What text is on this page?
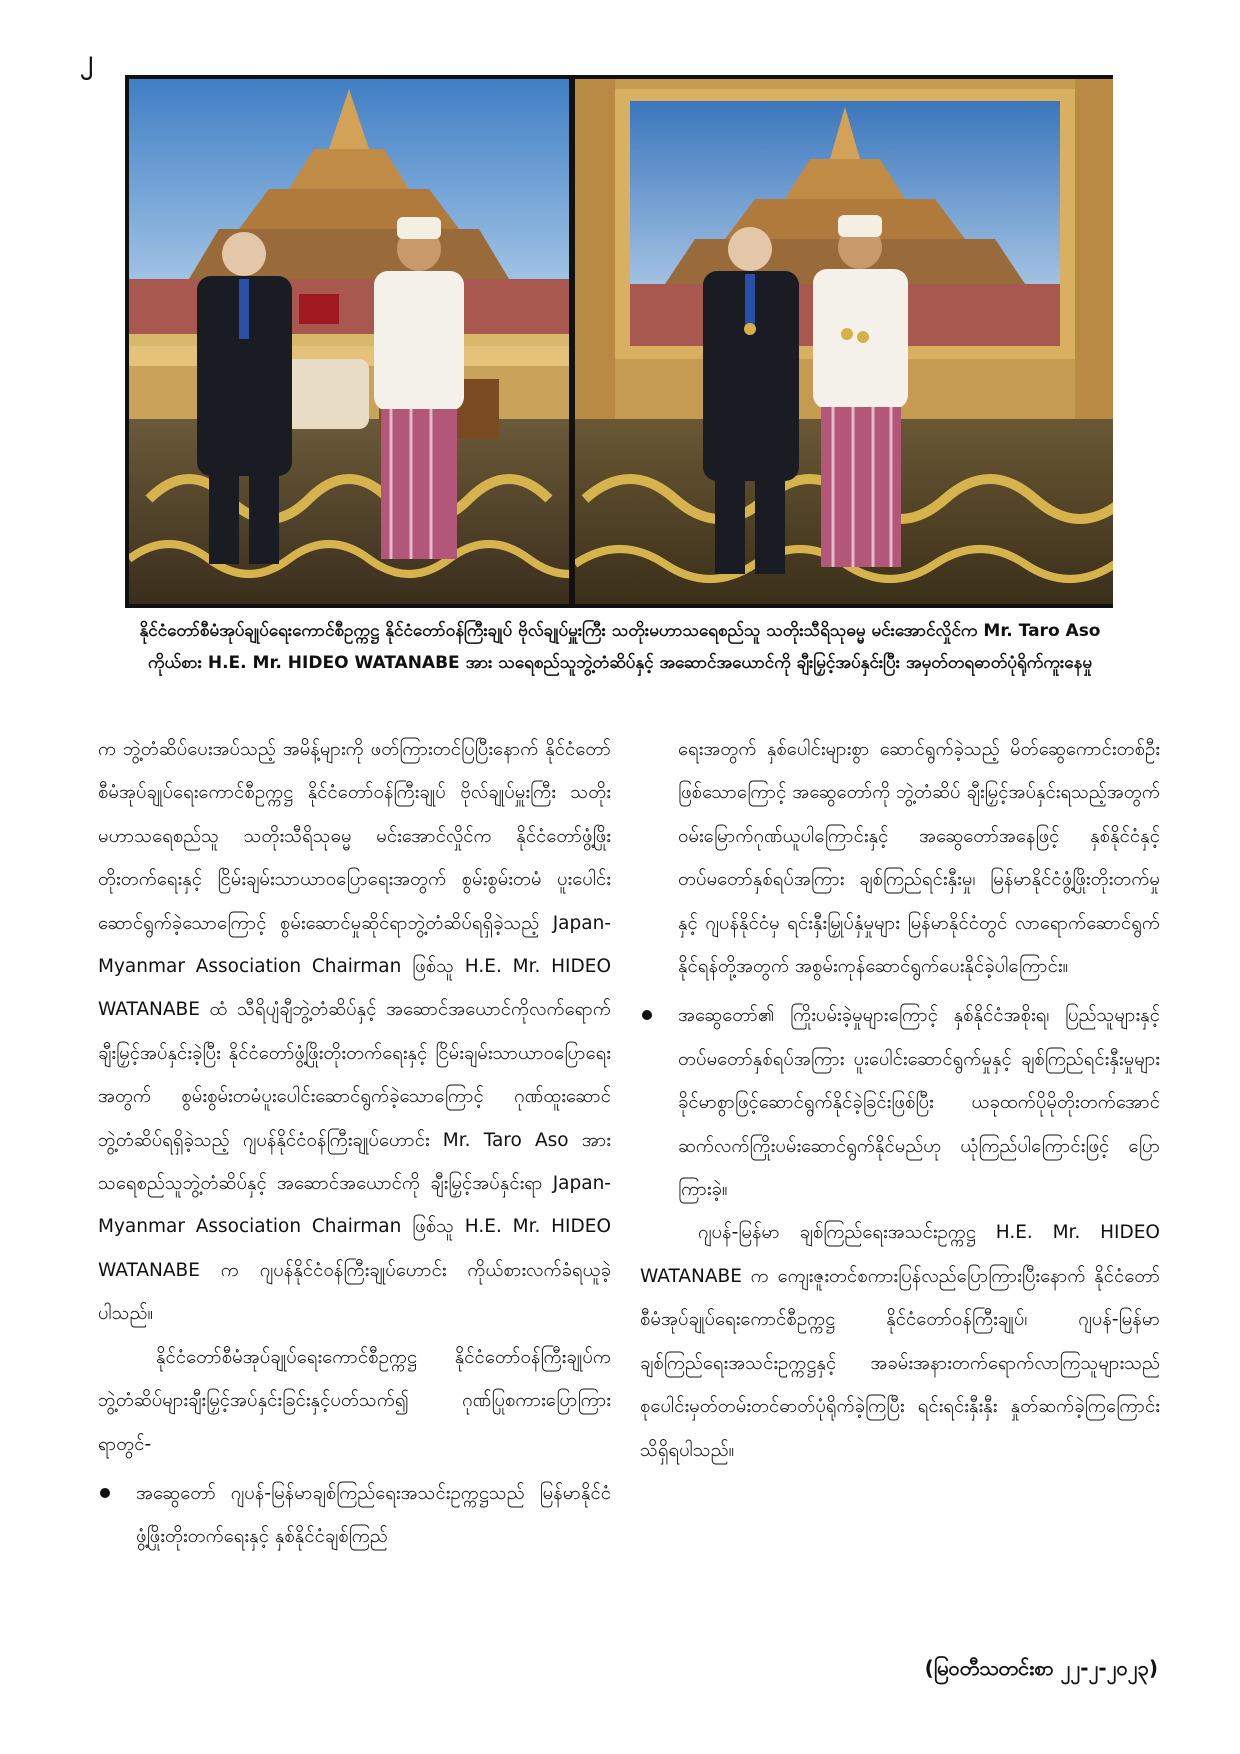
၂
နိုင်ငံတော်စီမံအုပ်ချုပ်ရေးကောင်စီဥက္ကဋ္ဌ နိုင်ငံတော်ဝန်ကြီးချုပ် ဗိုလ်ချုပ်မှူးကြီး သတိုးမဟာသရေစည်သူ သတိုးသီရိသုဓမ္မ မင်းအောင်လှိုင်က Mr. Taro Aso ကိုယ်စား H.E. Mr. HIDEO WATANABE အား သရေစည်သူဘွဲ့တံဆိပ်နှင့် အဆောင်အယောင်ကို ချီးမြှင့်အပ်နှင်းပြီး အမှတ်တရဓာတ်ပုံရိုက်ကူးနေမှု

က ဘွဲ့တံဆိပ်ပေးအပ်သည့် အမိန့်များကို ဖတ်ကြားတင်ပြပြီးနောက် နိုင်ငံတော်စီမံအုပ်ချုပ်ရေးကောင်စီဥက္ကဋ္ဌ နိုင်ငံတော်ဝန်ကြီးချုပ် ဗိုလ်ချုပ်မှူးကြီး သတိုးမဟာသရေစည်သူ သတိုးသီရိသုဓမ္မ မင်းအောင်လှိုင်က နိုင်ငံတော်ဖွံ့ဖြိုးတိုးတက်ရေးနှင့် ငြိမ်းချမ်းသာယာဝပြောရေးအတွက် စွမ်းစွမ်းတမံ ပူးပေါင်းဆောင်ရွက်ခဲ့သောကြောင့် စွမ်းဆောင်မှုဆိုင်ရာဘွဲ့တံဆိပ်ရရှိခဲ့သည့် Japan-Myanmar Association Chairman ဖြစ်သူ H.E. Mr. HIDEO WATANABE ထံ သီရိပျံချီဘွဲ့တံဆိပ်နှင့် အဆောင်အယောင်ကိုလက်ရောက်ချီးမြှင့်အပ်နှင်းခဲ့ပြီး နိုင်ငံတော်ဖွံ့ဖြိုးတိုးတက်ရေးနှင့် ငြိမ်းချမ်းသာယာဝပြောရေးအတွက် စွမ်းစွမ်းတမံပူးပေါင်းဆောင်ရွက်ခဲ့သောကြောင့် ဂုဏ်ထူးဆောင်ဘွဲ့တံဆိပ်ရရှိခဲ့သည့် ဂျပန်နိုင်ငံဝန်ကြီးချုပ်ဟောင်း Mr. Taro Aso အား သရေစည်သူဘွဲ့တံဆိပ်နှင့် အဆောင်အယောင်ကို ချီးမြှင့်အပ်နှင်းရာ Japan-Myanmar Association Chairman ဖြစ်သူ H.E. Mr. HIDEO WATANABE က ဂျပန်နိုင်ငံဝန်ကြီးချုပ်ဟောင်း ကိုယ်စားလက်ခံရယူခဲ့ပါသည်။

နိုင်ငံတော်စီမံအုပ်ချုပ်ရေးကောင်စီဥက္ကဋ္ဌ နိုင်ငံတော်ဝန်ကြီးချုပ်က ဘွဲ့တံဆိပ်များချီးမြှင့်အပ်နှင်းခြင်းနှင့်ပတ်သက်၍ ဂုဏ်ပြုစကားပြောကြားရာတွင်-

အဆွေတော် ဂျပန်-မြန်မာချစ်ကြည်ရေးအသင်းဥက္ကဋ္ဌသည် မြန်မာနိုင်ငံဖွံ့ဖြိုးတိုးတက်ရေးနှင့် နှစ်နိုင်ငံချစ်ကြည်

ရေးအတွက် နှစ်ပေါင်းများစွာ ဆောင်ရွက်ခဲ့သည့် မိတ်ဆွေကောင်းတစ်ဦးဖြစ်သောကြောင့် အဆွေတော်ကို ဘွဲ့တံဆိပ် ချီးမြှင့်အပ်နှင်းရသည့်အတွက် ဝမ်းမြောက်ဂုဏ်ယူပါကြောင်းနှင့် အဆွေတော်အနေဖြင့် နှစ်နိုင်ငံနှင့် တပ်မတော်နှစ်ရပ်အကြား ချစ်ကြည်ရင်းနှီးမှု၊ မြန်မာနိုင်ငံဖွံ့ဖြိုးတိုးတက်မှုနှင့် ဂျပန်နိုင်ငံမှ ရင်းနှီးမြှုပ်နှံမှုများ မြန်မာနိုင်ငံတွင် လာရောက်ဆောင်ရွက်နိုင်ရန်တို့အတွက် အစွမ်းကုန်ဆောင်ရွက်ပေးနိုင်ခဲ့ပါကြောင်း။

အဆွေတော်၏ ကြိုးပမ်းခဲ့မှုများကြောင့် နှစ်နိုင်ငံအစိုးရ၊ ပြည်သူများနှင့် တပ်မတော်နှစ်ရပ်အကြား ပူးပေါင်းဆောင်ရွက်မှုနှင့် ချစ်ကြည်ရင်းနှီးမှုများ ခိုင်မာစွာဖြင့်ဆောင်ရွက်နိုင်ခဲ့ခြင်းဖြစ်ပြီး ယခုထက်ပိုမိုတိုးတက်အောင် ဆက်လက်ကြိုးပမ်းဆောင်ရွက်နိုင်မည်ဟု ယုံကြည်ပါကြောင်းဖြင့် ပြောကြားခဲ့။

ဂျပန်-မြန်မာ ချစ်ကြည်ရေးအသင်းဥက္ကဋ္ဌ H.E. Mr. HIDEO WATANABE က ကျေးဇူးတင်စကားပြန်လည်ပြောကြားပြီးနောက် နိုင်ငံတော်စီမံအုပ်ချုပ်ရေးကောင်စီဥက္ကဋ္ဌ နိုင်ငံတော်ဝန်ကြီးချုပ်၊ ဂျပန်-မြန်မာ ချစ်ကြည်ရေးအသင်းဥက္ကဋ္ဌနှင့် အခမ်းအနားတက်ရောက်လာကြသူများသည် စုပေါင်းမှတ်တမ်းတင်ဓာတ်ပုံရိုက်ခဲ့ကြပြီး ရင်းရင်းနှီးနှီး နှုတ်ဆက်ခဲ့ကြကြောင်း သိရှိရပါသည်။

(မြဝတီသတင်းစာ ၂၂-၂-၂၀၂၃)
